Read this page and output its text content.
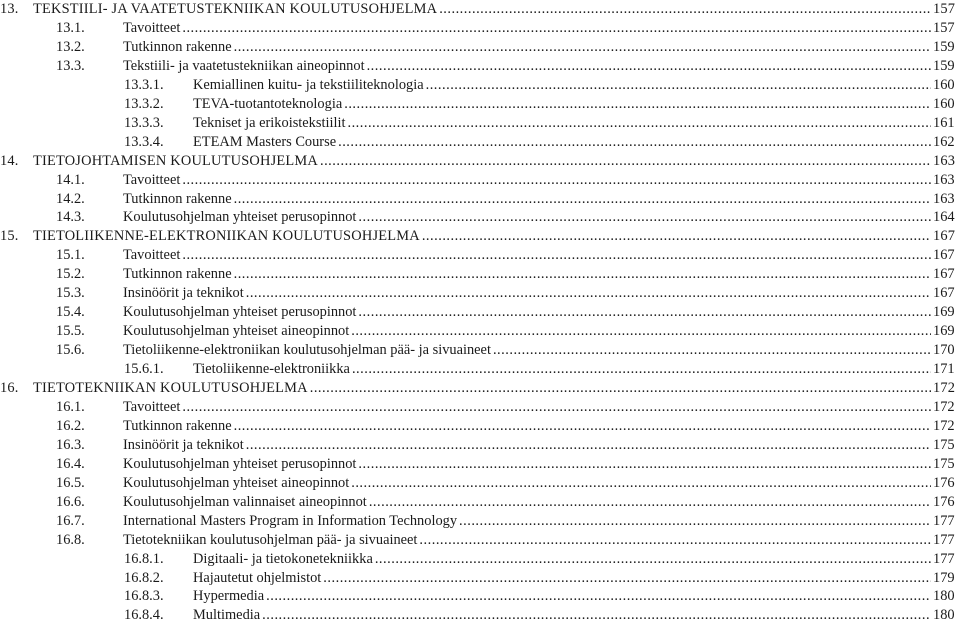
13. TEKSTIILI- JA VAATETUSTEKNIIKAN KOULUTUSOHJELMA .....	157
13.1.	Tavoitteet .....	157
13.2.	Tutkinnon rakenne .....	159
13.3.	Tekstiili- ja vaatetustekniikan aineopinnot .....	159
13.3.1. Kemiallinen kuitu- ja tekstiiliteknologia .....	160
13.3.2. TEVA-tuotantoteknologia .....	160
13.3.3. Tekniset ja erikoistekstiilit .....	161
13.3.4. ETEAM Masters Course .....	162
14. TIETOJOHTAMISEN KOULUTUSOHJELMA .....	163
14.1.	Tavoitteet .....	163
14.2.	Tutkinnon rakenne .....	163
14.3.	Koulutusohjelman yhteiset perusopinnot .....	164
15. TIETOLIIKENNE-ELEKTRONIIKAN KOULUTUSOHJELMA .....	167
15.1.	Tavoitteet .....	167
15.2.	Tutkinnon rakenne .....	167
15.3.	Insinöörit ja teknikot .....	167
15.4.	Koulutusohjelman yhteiset perusopinnot .....	169
15.5.	Koulutusohjelman yhteiset aineopinnot .....	169
15.6.	Tietoliikenne-elektroniikan koulutusohjelman pää- ja sivuaineet .....	170
15.6.1. Tietoliikenne-elektroniikka .....	171
16. TIETOTEKNIIKAN KOULUTUSOHJELMA .....	172
16.1.	Tavoitteet .....	172
16.2.	Tutkinnon rakenne .....	172
16.3.	Insinöörit ja teknikot .....	175
16.4.	Koulutusohjelman yhteiset perusopinnot .....	175
16.5.	Koulutusohjelman yhteiset aineopinnot .....	176
16.6.	Koulutusohjelman valinnaiset aineopinnot .....	176
16.7.	International Masters Program in Information Technology .....	177
16.8.	Tietotekniikan koulutusohjelman pää- ja sivuaineet .....	177
16.8.1. Digitaali- ja tietokonetekniikka .....	177
16.8.2. Hajautetut ohjelmistot .....	179
16.8.3. Hypermedia .....	180
16.8.4. Multimedia .....	180
